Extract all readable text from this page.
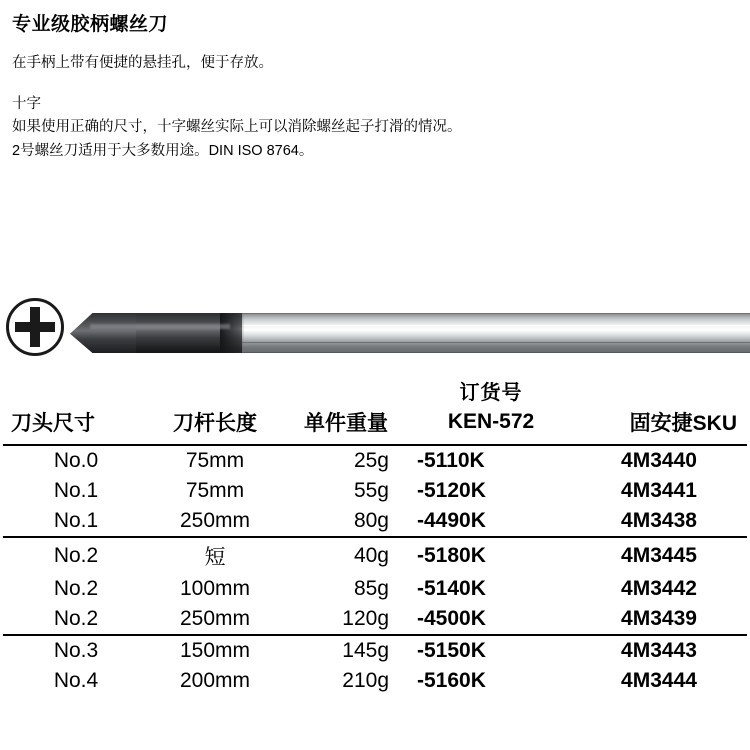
专业级胶柄螺丝刀

在手柄上带有便捷的悬挂孔，便于存放。

十字

如果使用正确的尺寸，十字螺丝实际上可以消除螺丝起子打滑的情况。

2号螺丝刀适用于大多数用途。DIN ISO 8764。

			订货号	
刀头尺寸	刀杆长度	单件重量	KEN-572	固安捷SKU
No.0	75mm	25g	-5110K	4M3440
No.1	75mm	55g	-5120K	4M3441
No.1	250mm	80g	-4490K	4M3438
No.2	短	40g	-5180K	4M3445
No.2	100mm	85g	-5140K	4M3442
No.2	250mm	120g	-4500K	4M3439
No.3	150mm	145g	-5150K	4M3443
No.4	200mm	210g	-5160K	4M3444
